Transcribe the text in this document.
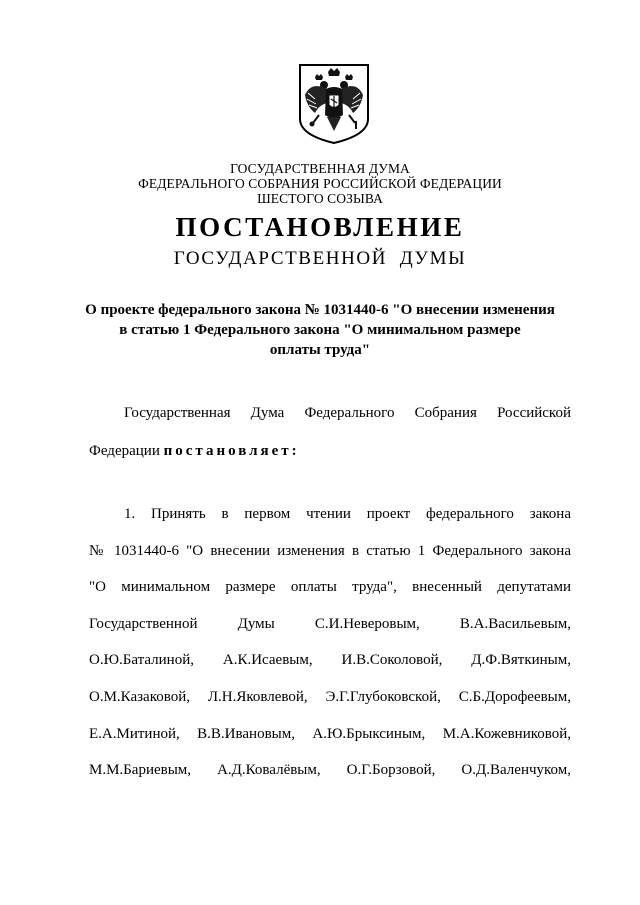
ГОСУДАРСТВЕННАЯ ДУМА
ФЕДЕРАЛЬНОГО СОБРАНИЯ РОССИЙСКОЙ ФЕДЕРАЦИИ
ШЕСТОГО СОЗЫВА
ПОСТАНОВЛЕНИЕ
ГОСУДАРСТВЕННОЙ  ДУМЫ
О проекте федерального закона № 1031440-6 "О внесении изменения
в статью 1 Федерального закона "О минимальном размере
оплаты труда"
Государственная Дума Федерального Собрания Российской
Федерации постановляет:
1. Принять в первом чтении проект федерального закона
№ 1031440-6 "О внесении изменения в статью 1 Федерального закона
"О минимальном размере оплаты труда", внесенный депутатами
Государственной Думы С.И.Неверовым, В.А.Васильевым,
О.Ю.Баталиной, А.К.Исаевым, И.В.Соколовой, Д.Ф.Вяткиным,
О.М.Казаковой, Л.Н.Яковлевой, Э.Г.Глубоковской, С.Б.Дорофеевым,
Е.А.Митиной, В.В.Ивановым, А.Ю.Брыксиным, М.А.Кожевниковой,
М.М.Бариевым, А.Д.Ковалёвым, О.Г.Борзовой, О.Д.Валенчуком,
